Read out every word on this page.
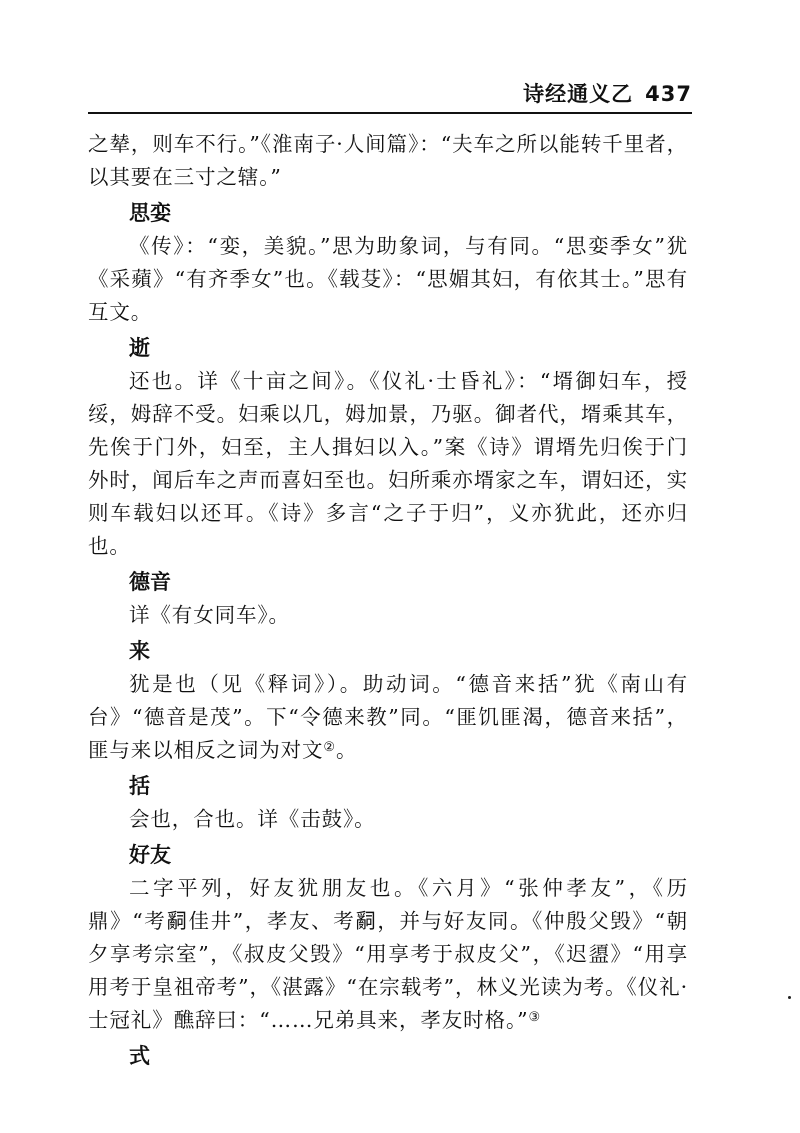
诗经通义乙 437

之辇，则车不行。”《淮南子·人间篇》：“夫车之所以能转千里者，以其要在三寸之辖。”

思娈

《传》：“娈，美貌。”思为助象词，与有同。“思娈季女”犹《采蘋》“有齐季女”也。《载芟》：“思媚其妇，有依其士。”思有互文。

逝

还也。详《十亩之间》。《仪礼·士昏礼》：“壻御妇车，授绥，姆辞不受。妇乘以几，姆加景，乃驱。御者代，壻乘其车，先俟于门外，妇至，主人揖妇以入。”案《诗》谓壻先归俟于门外时，闻后车之声而喜妇至也。妇所乘亦壻家之车，谓妇还，实则车载妇以还耳。《诗》多言“之子于归”，义亦犹此，还亦归也。

德音

详《有女同车》。

来

犹是也（见《释词》）。助动词。“德音来括”犹《南山有台》“德音是茂”。下“令德来教”同。“匪饥匪渴，德音来括”，匪与来以相反之词为对文②。

括

会也，合也。详《击鼓》。

好友

二字平列，好友犹朋友也。《六月》“张仲孝友”，《历鼎》“考𤔲佳井”，孝友、考𤔲，并与好友同。《仲殷父毁》“朝夕享考宗室”，《叔皮父毁》“用享考于叔皮父”，《迟盨》“用享用考于皇祖帝考”，《湛露》“在宗载考”，林义光读为考。《仪礼·士冠礼》醮辞曰：“……兄弟具来，孝友时格。”③

式
